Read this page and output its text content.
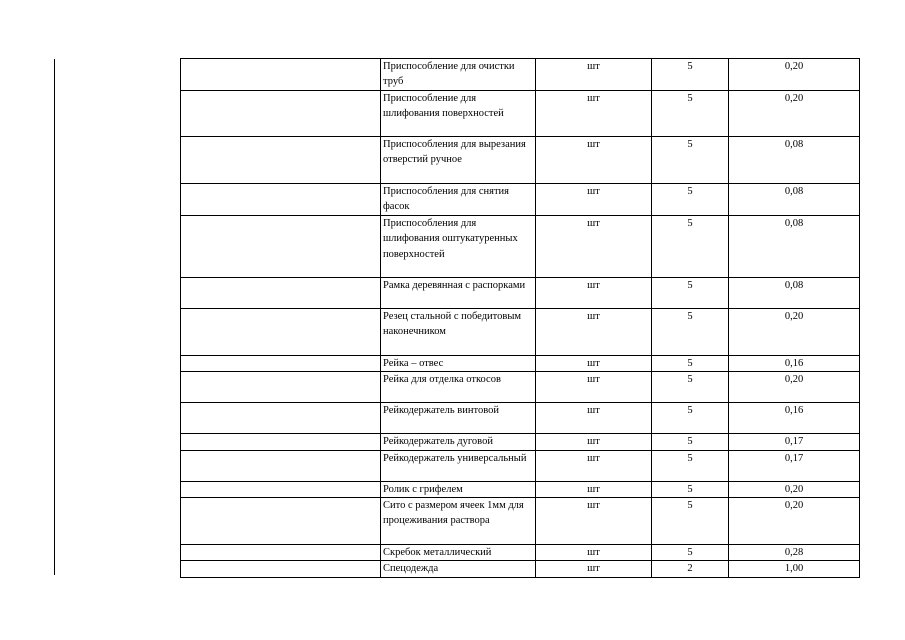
	Приспособление для очистки труб	шт	5	0,20
	Приспособление для шлифования поверхностей	шт	5	0,20
	Приспособления для вырезания отверстий ручное	шт	5	0,08
	Приспособления для снятия фасок	шт	5	0,08
	Приспособления для шлифования оштукатуренных поверхностей	шт	5	0,08
	Рамка деревянная с распорками	шт	5	0,08
	Резец стальной с победитовым наконечником	шт	5	0,20
	Рейка – отвес	шт	5	0,16
	Рейка для отделка откосов	шт	5	0,20
	Рейкодержатель винтовой	шт	5	0,16
	Рейкодержатель дуговой	шт	5	0,17
	Рейкодержатель универсальный	шт	5	0,17
	Ролик с грифелем	шт	5	0,20
	Сито с размером ячеек 1мм для процеживания раствора	шт	5	0,20
	Скребок металлический	шт	5	0,28
	Спецодежда	шт	2	1,00
